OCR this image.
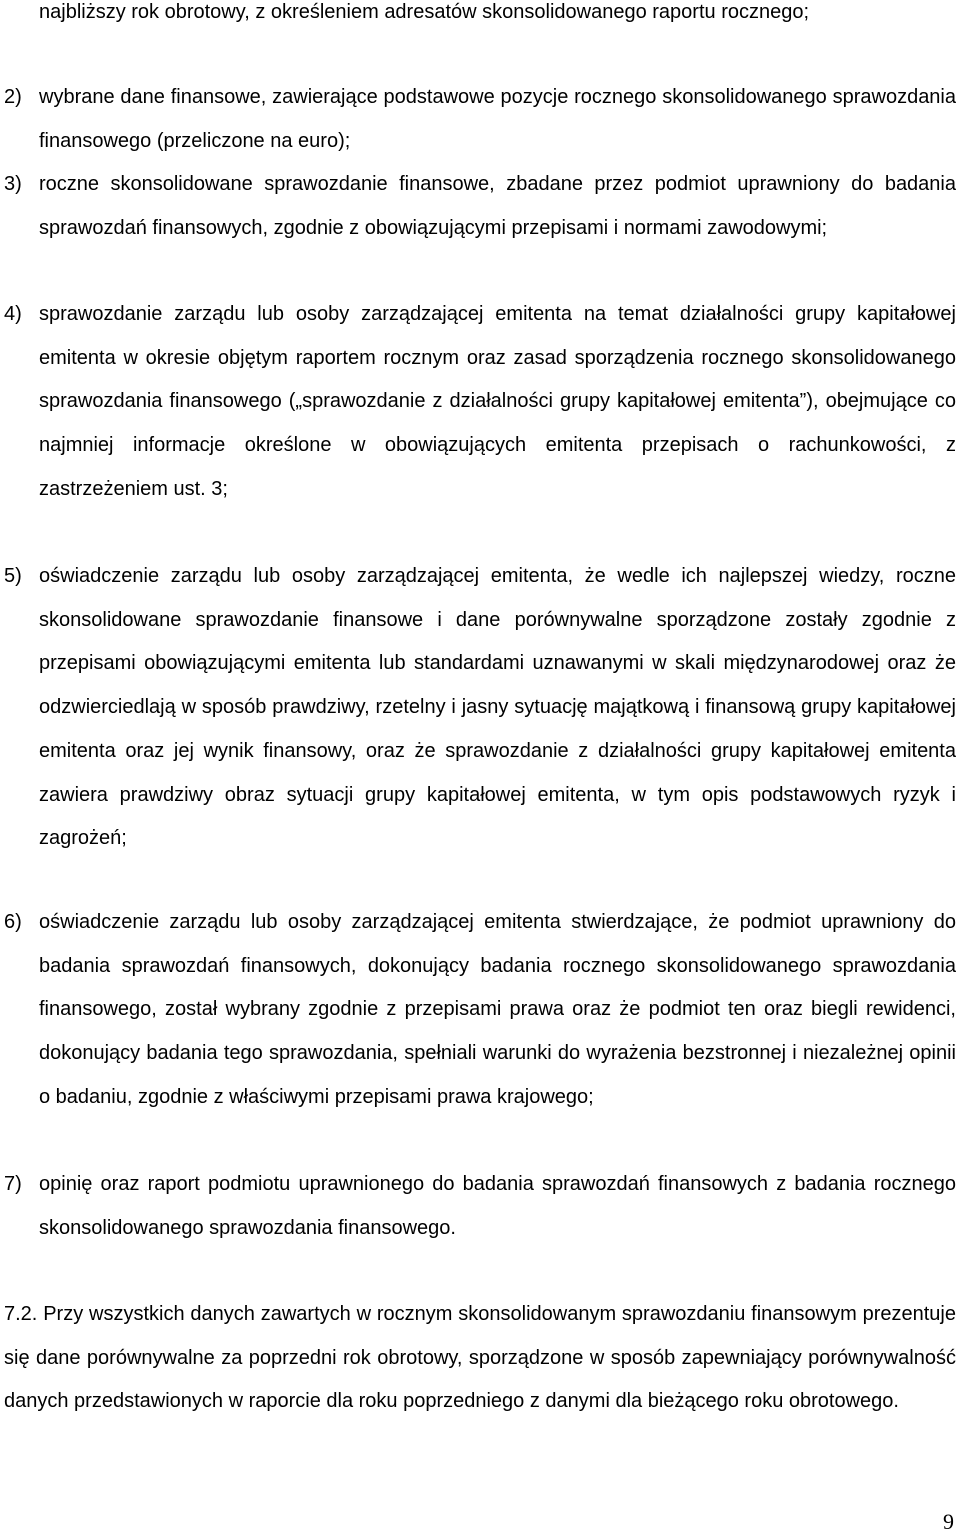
najbliższy rok obrotowy, z określeniem adresatów skonsolidowanego raportu rocznego;
2) wybrane dane finansowe, zawierające podstawowe pozycje rocznego skonsolidowanego sprawozdania finansowego (przeliczone na euro);
3) roczne skonsolidowane sprawozdanie finansowe, zbadane przez podmiot uprawniony do badania sprawozdań finansowych, zgodnie z obowiązującymi przepisami i normami zawodowymi;
4) sprawozdanie zarządu lub osoby zarządzającej emitenta na temat działalności grupy kapitałowej emitenta w okresie objętym raportem rocznym oraz zasad sporządzenia rocznego skonsolidowanego sprawozdania finansowego („sprawozdanie z działalności grupy kapitałowej emitenta”), obejmujące co najmniej informacje określone w obowiązujących emitenta przepisach o rachunkowości, z zastrzeżeniem ust. 3;
5) oświadczenie zarządu lub osoby zarządzającej emitenta, że wedle ich najlepszej wiedzy, roczne skonsolidowane sprawozdanie finansowe i dane porównywalne sporządzone zostały zgodnie z przepisami obowiązującymi emitenta lub standardami uznawanymi w skali międzynarodowej oraz że odzwierciedlają w sposób prawdziwy, rzetelny i jasny sytuację majątkową i finansową grupy kapitałowej emitenta oraz jej wynik finansowy, oraz że sprawozdanie z działalności grupy kapitałowej emitenta zawiera prawdziwy obraz sytuacji grupy kapitałowej emitenta, w tym opis podstawowych ryzyk i zagrożeń;
6) oświadczenie zarządu lub osoby zarządzającej emitenta stwierdzające, że podmiot uprawniony do badania sprawozdań finansowych, dokonujący badania rocznego skonsolidowanego sprawozdania finansowego, został wybrany zgodnie z przepisami prawa oraz że podmiot ten oraz biegli rewidenci, dokonujący badania tego sprawozdania, spełniali warunki do wyrażenia bezstronnej i niezależnej opinii o badaniu, zgodnie z właściwymi przepisami prawa krajowego;
7) opinię oraz raport podmiotu uprawnionego do badania sprawozdań finansowych z badania rocznego skonsolidowanego sprawozdania finansowego.
7.2. Przy wszystkich danych zawartych w rocznym skonsolidowanym sprawozdaniu finansowym prezentuje się dane porównywalne za poprzedni rok obrotowy, sporządzone w sposób zapewniający porównywalność danych przedstawionych w raporcie dla roku poprzedniego z danymi dla bieżącego roku obrotowego.
9
